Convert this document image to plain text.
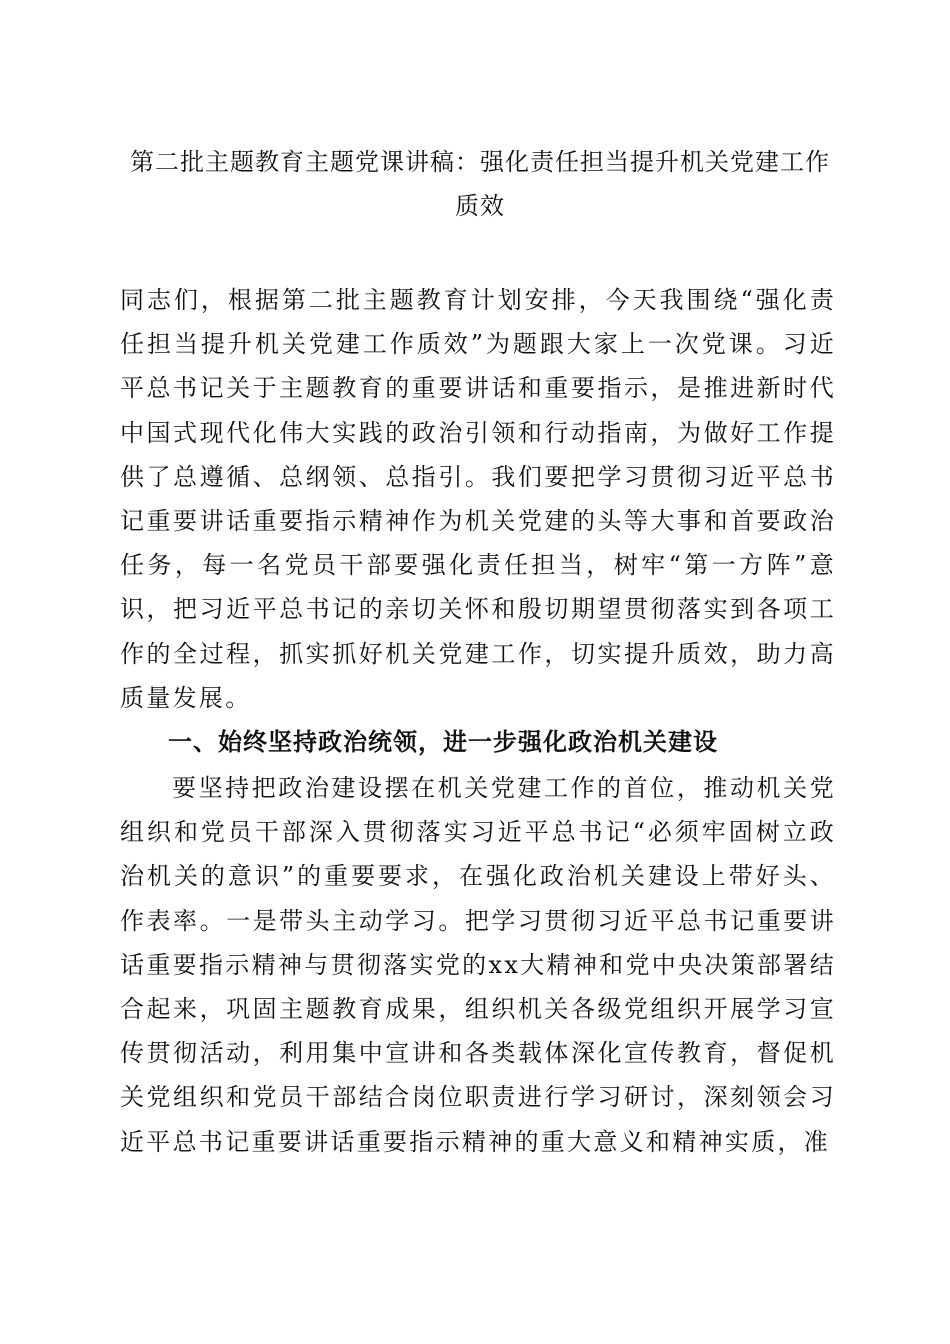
第二批主题教育主题党课讲稿：强化责任担当提升机关党建工作质效

同志们，根据第二批主题教育计划安排，今天我围绕“强化责任担当提升机关党建工作质效”为题跟大家上一次党课。习近平总书记关于主题教育的重要讲话和重要指示，是推进新时代中国式现代化伟大实践的政治引领和行动指南，为做好工作提供了总遵循、总纲领、总指引。我们要把学习贯彻习近平总书记重要讲话重要指示精神作为机关党建的头等大事和首要政治任务，每一名党员干部要强化责任担当，树牢“第一方阵”意识，把习近平总书记的亲切关怀和殷切期望贯彻落实到各项工作的全过程，抓实抓好机关党建工作，切实提升质效，助力高质量发展。

一、始终坚持政治统领，进一步强化政治机关建设

要坚持把政治建设摆在机关党建工作的首位，推动机关党组织和党员干部深入贯彻落实习近平总书记“必须牢固树立政治机关的意识”的重要要求，在强化政治机关建设上带好头、作表率。一是带头主动学习。把学习贯彻习近平总书记重要讲话重要指示精神与贯彻落实党的xx大精神和党中央决策部署结合起来，巩固主题教育成果，组织机关各级党组织开展学习宣传贯彻活动，利用集中宣讲和各类载体深化宣传教育，督促机关党组织和党员干部结合岗位职责进行学习研讨，深刻领会习近平总书记重要讲话重要指示精神的重大意义和精神实质，准
